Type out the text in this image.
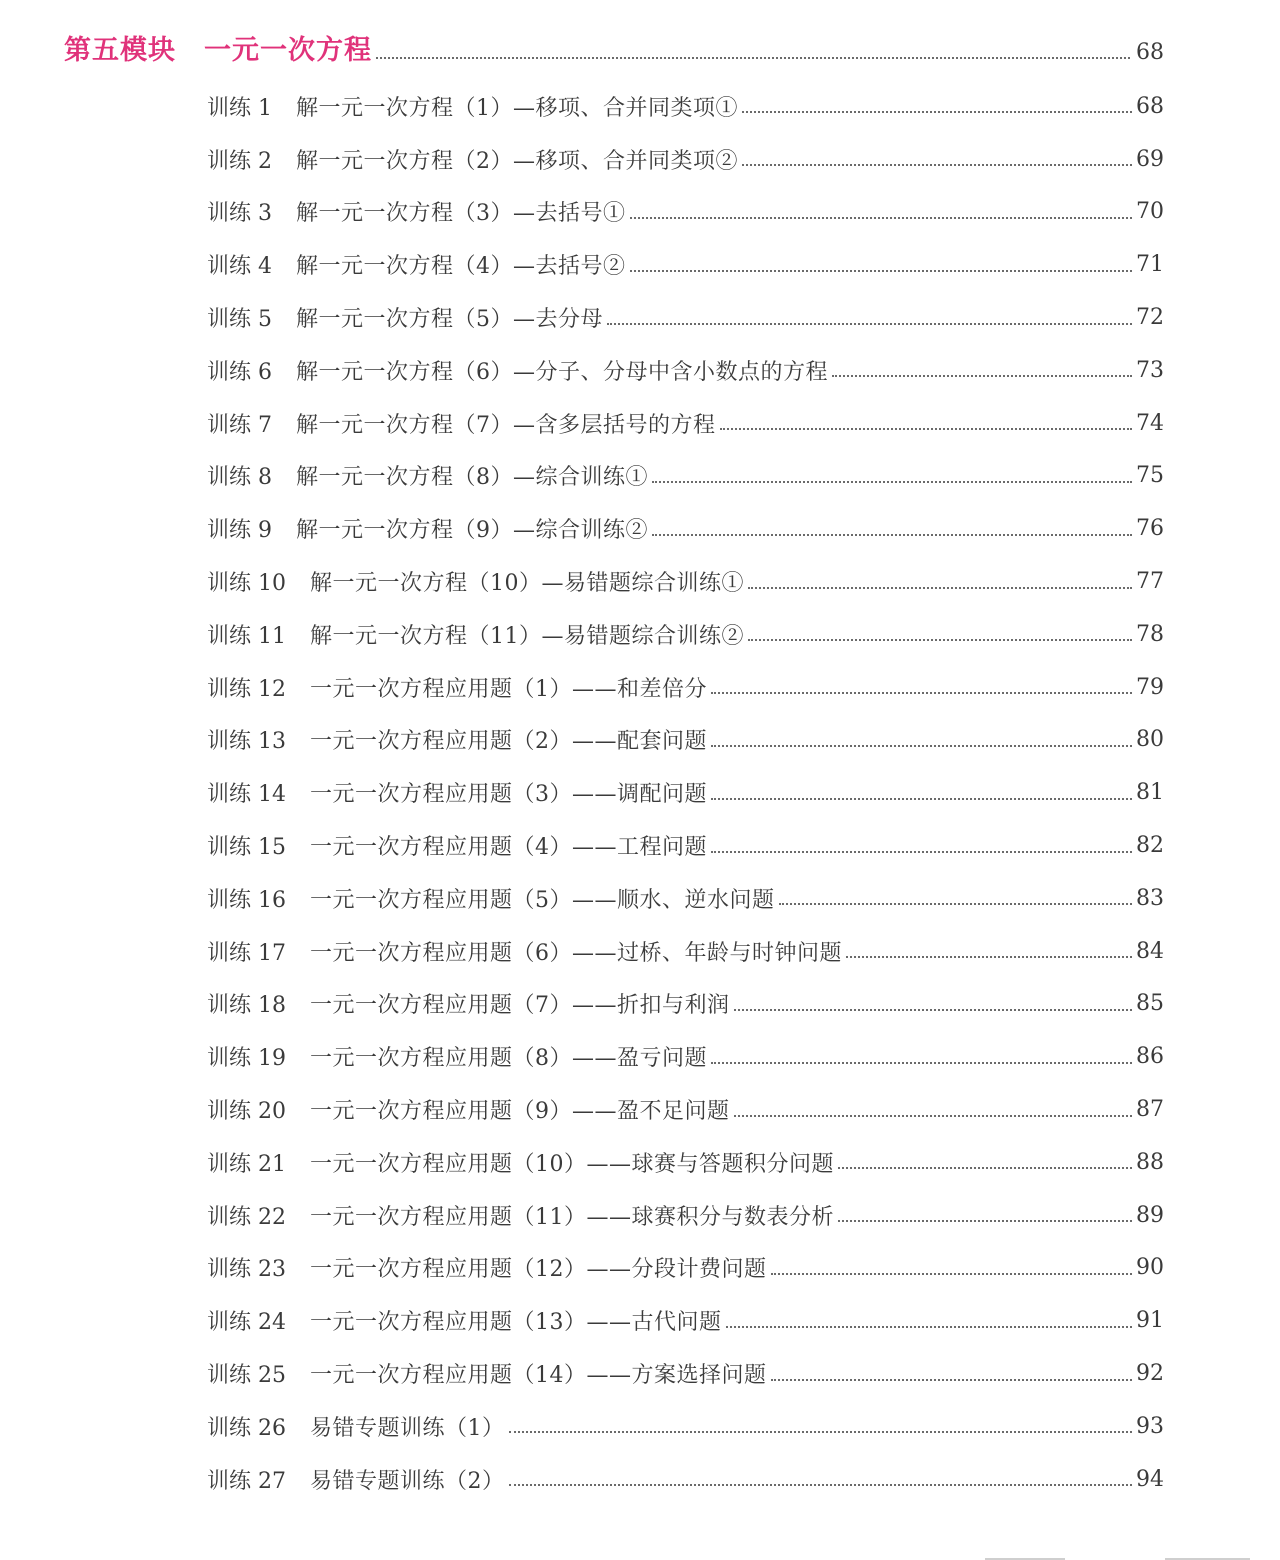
第五模块　一元一次方程	68
训练 1 解一元一次方程（1）—移项、合并同类项①	68
训练 2 解一元一次方程（2）—移项、合并同类项②	69
训练 3 解一元一次方程（3）—去括号①	70
训练 4 解一元一次方程（4）—去括号②	71
训练 5 解一元一次方程（5）—去分母	72
训练 6 解一元一次方程（6）—分子、分母中含小数点的方程	73
训练 7 解一元一次方程（7）—含多层括号的方程	74
训练 8 解一元一次方程（8）—综合训练①	75
训练 9 解一元一次方程（9）—综合训练②	76
训练 10 解一元一次方程（10）—易错题综合训练①	77
训练 11 解一元一次方程（11）—易错题综合训练②	78
训练 12 一元一次方程应用题（1）——和差倍分	79
训练 13 一元一次方程应用题（2）——配套问题	80
训练 14 一元一次方程应用题（3）——调配问题	81
训练 15 一元一次方程应用题（4）——工程问题	82
训练 16 一元一次方程应用题（5）——顺水、逆水问题	83
训练 17 一元一次方程应用题（6）——过桥、年龄与时钟问题	84
训练 18 一元一次方程应用题（7）——折扣与利润	85
训练 19 一元一次方程应用题（8）——盈亏问题	86
训练 20 一元一次方程应用题（9）——盈不足问题	87
训练 21 一元一次方程应用题（10）——球赛与答题积分问题	88
训练 22 一元一次方程应用题（11）——球赛积分与数表分析	89
训练 23 一元一次方程应用题（12）——分段计费问题	90
训练 24 一元一次方程应用题（13）——古代问题	91
训练 25 一元一次方程应用题（14）——方案选择问题	92
训练 26 易错专题训练（1）	93
训练 27 易错专题训练（2）	94
